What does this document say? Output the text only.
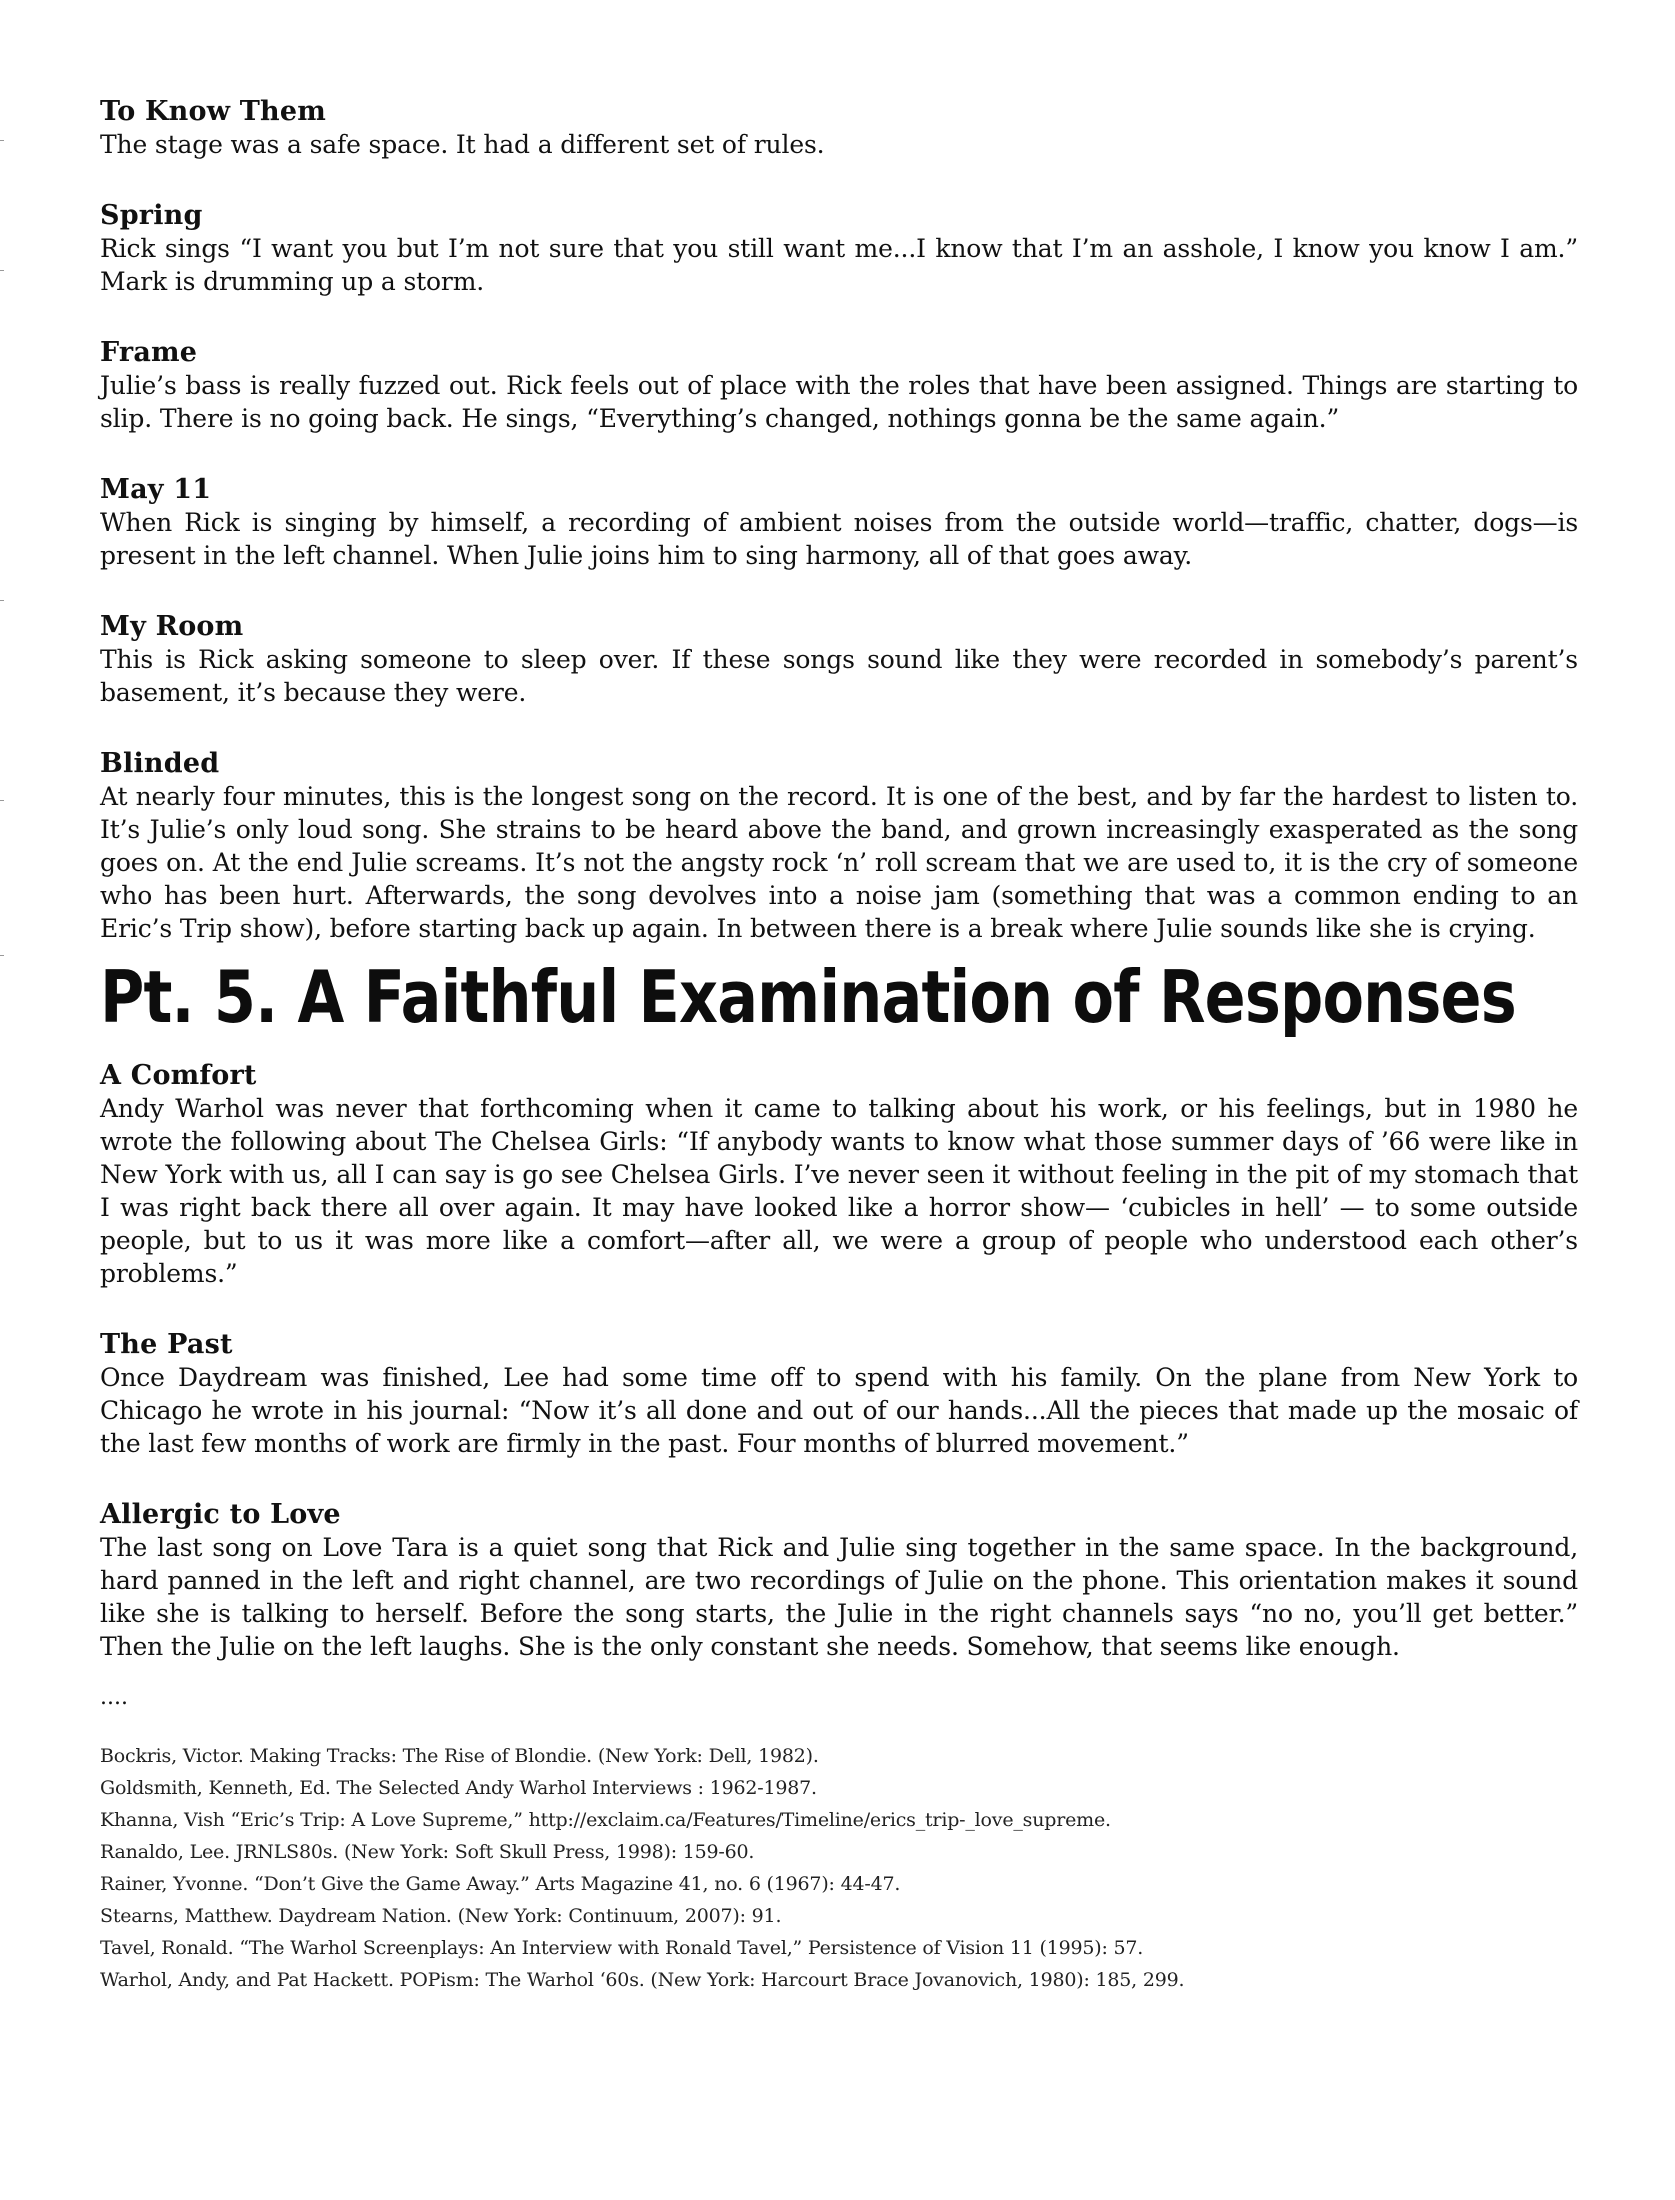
To Know Them

The stage was a safe space. It had a different set of rules.

Spring

Rick sings “I want you but I’m not sure that you still want me...I know that I’m an asshole, I know you know I am.” Mark is drumming up a storm.

Frame

Julie’s bass is really fuzzed out. Rick feels out of place with the roles that have been assigned. Things are starting to slip. There is no going back. He sings, “Everything’s changed, nothings gonna be the same again.”

May 11

When Rick is singing by himself, a recording of ambient noises from the outside world—traffic, chatter, dogs—is present in the left channel. When Julie joins him to sing harmony, all of that goes away.

My Room

This is Rick asking someone to sleep over. If these songs sound like they were recorded in somebody’s parent’s basement, it’s because they were.

Blinded

At nearly four minutes, this is the longest song on the record. It is one of the best, and by far the hardest to listen to. It’s Julie’s only loud song. She strains to be heard above the band, and grown increasingly exasperated as the song goes on. At the end Julie screams. It’s not the angsty rock ‘n’ roll scream that we are used to, it is the cry of someone who has been hurt. Afterwards, the song devolves into a noise jam (something that was a common ending to an Eric’s Trip show), before starting back up again. In between there is a break where Julie sounds like she is crying.

Pt. 5. A Faithful Examination of Responses

A Comfort

Andy Warhol was never that forthcoming when it came to talking about his work, or his feelings, but in 1980 he wrote the following about The Chelsea Girls: “If anybody wants to know what those summer days of ’66 were like in New York with us, all I can say is go see Chelsea Girls. I’ve never seen it without feeling in the pit of my stomach that I was right back there all over again. It may have looked like a horror show— ‘cubicles in hell’ — to some outside people, but to us it was more like a comfort—after all, we were a group of people who understood each other’s problems.”

The Past

Once Daydream was finished, Lee had some time off to spend with his family. On the plane from New York to Chicago he wrote in his journal: “Now it’s all done and out of our hands...All the pieces that made up the mosaic of the last few months of work are firmly in the past. Four months of blurred movement.”

Allergic to Love

The last song on Love Tara is a quiet song that Rick and Julie sing together in the same space. In the background, hard panned in the left and right channel, are two recordings of Julie on the phone. This orientation makes it sound like she is talking to herself. Before the song starts, the Julie in the right channels says “no no, you’ll get better.” Then the Julie on the left laughs. She is the only constant she needs. Somehow, that seems like enough.

....
Bockris, Victor. Making Tracks: The Rise of Blondie. (New York: Dell, 1982).
Goldsmith, Kenneth, Ed. The Selected Andy Warhol Interviews : 1962-1987.
Khanna, Vish “Eric’s Trip: A Love Supreme,” http://exclaim.ca/Features/Timeline/erics_trip-_love_supreme.
Ranaldo, Lee. JRNLS80s. (New York: Soft Skull Press, 1998): 159-60.
Rainer, Yvonne. “Don’t Give the Game Away.” Arts Magazine 41, no. 6 (1967): 44-47.
Stearns, Matthew. Daydream Nation. (New York: Continuum, 2007): 91.
Tavel, Ronald. “The Warhol Screenplays: An Interview with Ronald Tavel,” Persistence of Vision 11 (1995): 57.
Warhol, Andy, and Pat Hackett. POPism: The Warhol ‘60s. (New York: Harcourt Brace Jovanovich, 1980): 185, 299.
